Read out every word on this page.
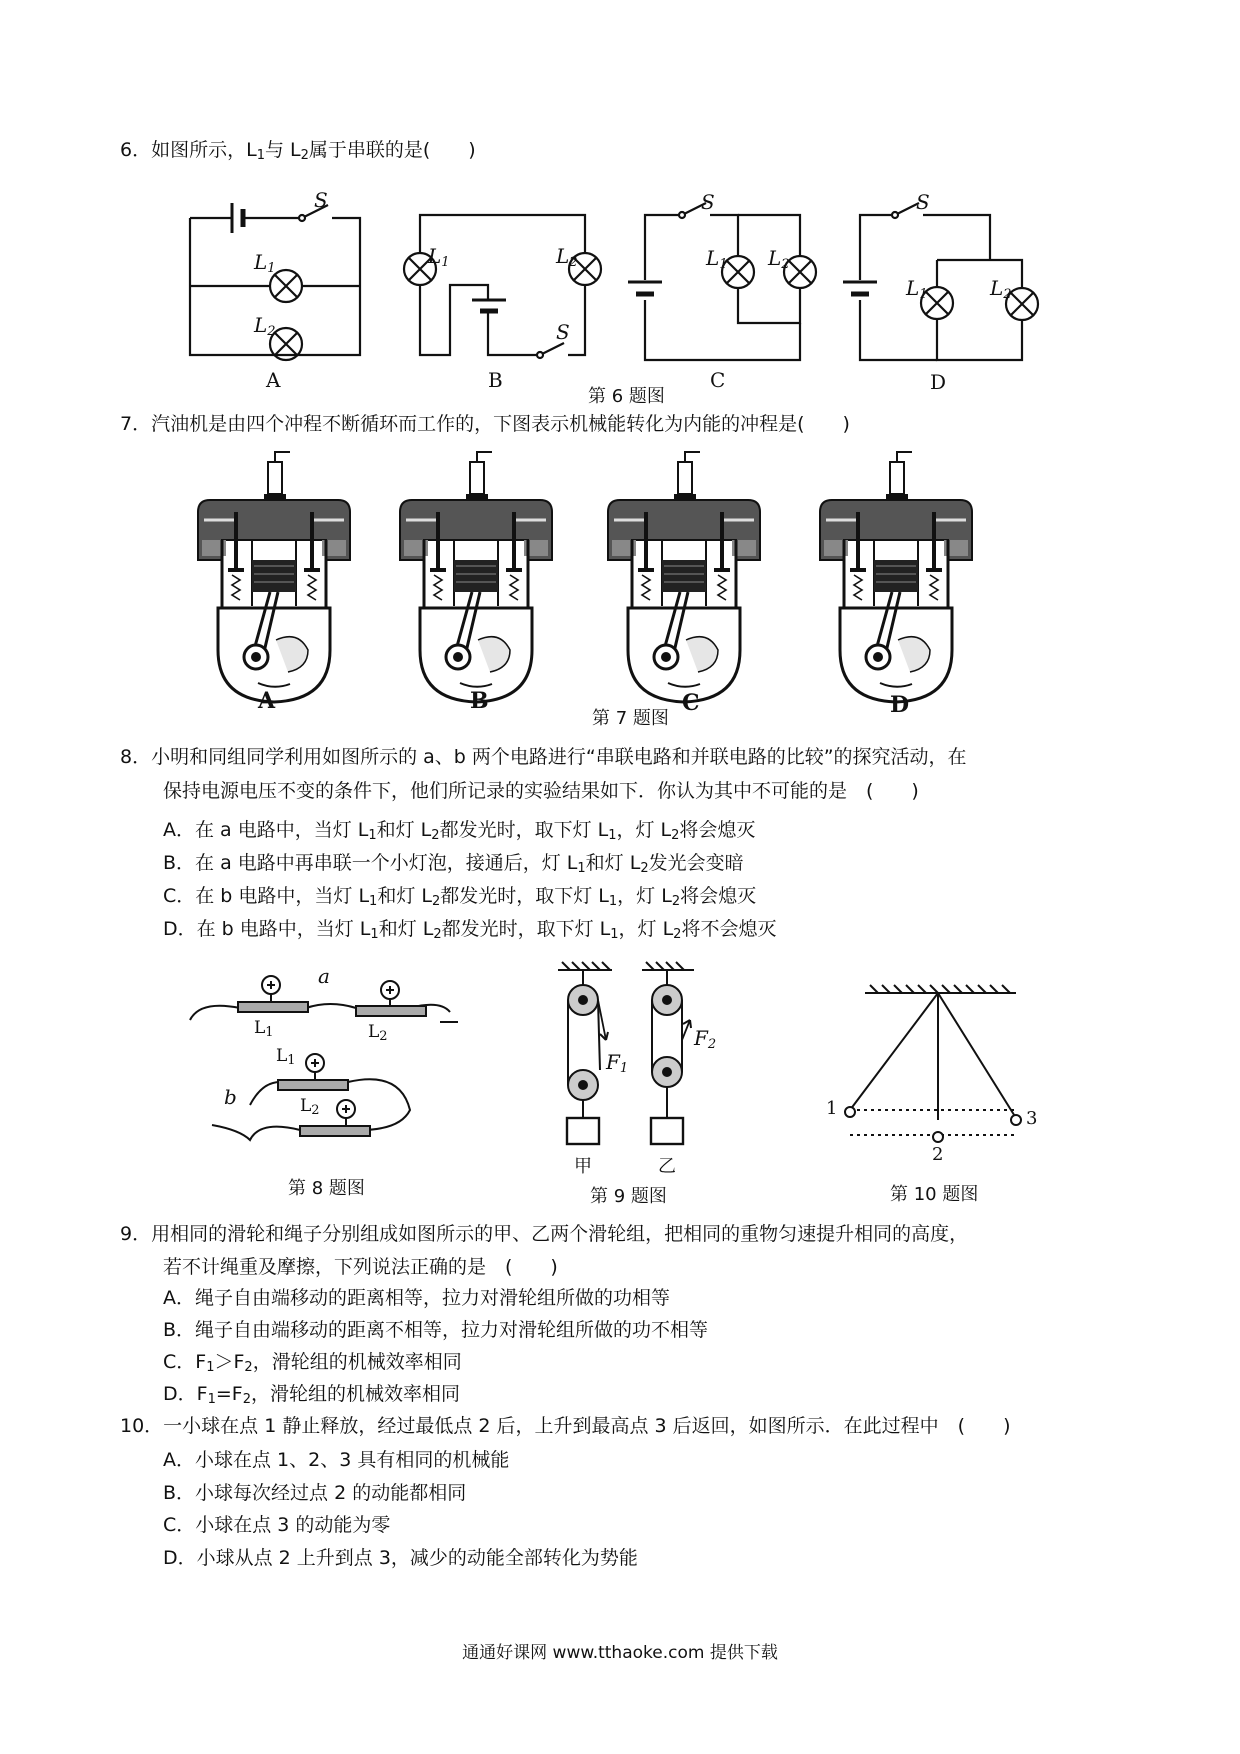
6．如图所示，$L_1$与 $L_2$属于串联的是(　　)
S
$L_1$
$L_2$
$L_1$	$L_2$
S
S
$L_1$ $L_2$
S
$L_1$	$L_2$
A	B	C	D
第 6 题图
7．汽油机是由四个冲程不断循环而工作的，下图表示机械能转化为内能的冲程是(　　)
A	B	C	D
第 7 题图
8．小明和同组同学利用如图所示的 a、b 两个电路进行“串联电路和并联电路的比较”的探究活动，在
保持电源电压不变的条件下，他们所记录的实验结果如下．你认为其中不可能的是　(　　)
A．在 a 电路中，当灯 $L_1$和灯 $L_2$都发光时，取下灯 $L_1$，灯 $L_2$将会熄灭
B．在 a 电路中再串联一个小灯泡，接通后，灯 $L_1$和灯 $L_2$发光会变暗
C．在 b 电路中，当灯 $L_1$和灯 $L_2$都发光时，取下灯 $L_1$，灯 $L_2$将会熄灭
D．在 b 电路中，当灯 $L_1$和灯 $L_2$都发光时，取下灯 $L_1$，灯 $L_2$将不会熄灭
a
b
$L_1$	$L_2$
$L_1$
$L_2$
第 8 题图
$F_1$
$F_2$
甲	乙
第 9 题图
1
2
3
第 10 题图
9．用相同的滑轮和绳子分别组成如图所示的甲、乙两个滑轮组，把相同的重物匀速提升相同的高度，
若不计绳重及摩擦，下列说法正确的是　(　　)
A．绳子自由端移动的距离相等，拉力对滑轮组所做的功相等
B．绳子自由端移动的距离不相等，拉力对滑轮组所做的功不相等
C．$F_1>F_2$，滑轮组的机械效率相同
D．$F_1=F_2$，滑轮组的机械效率相同
10．一小球在点 1 静止释放，经过最低点 2 后，上升到最高点 3 后返回，如图所示．在此过程中　(　　)
A．小球在点 1、2、3 具有相同的机械能
B．小球每次经过点 2 的动能都相同
C．小球在点 3 的动能为零
D．小球从点 2 上升到点 3，减少的动能全部转化为势能
通通好课网 www.tthaoke.com 提供下载
